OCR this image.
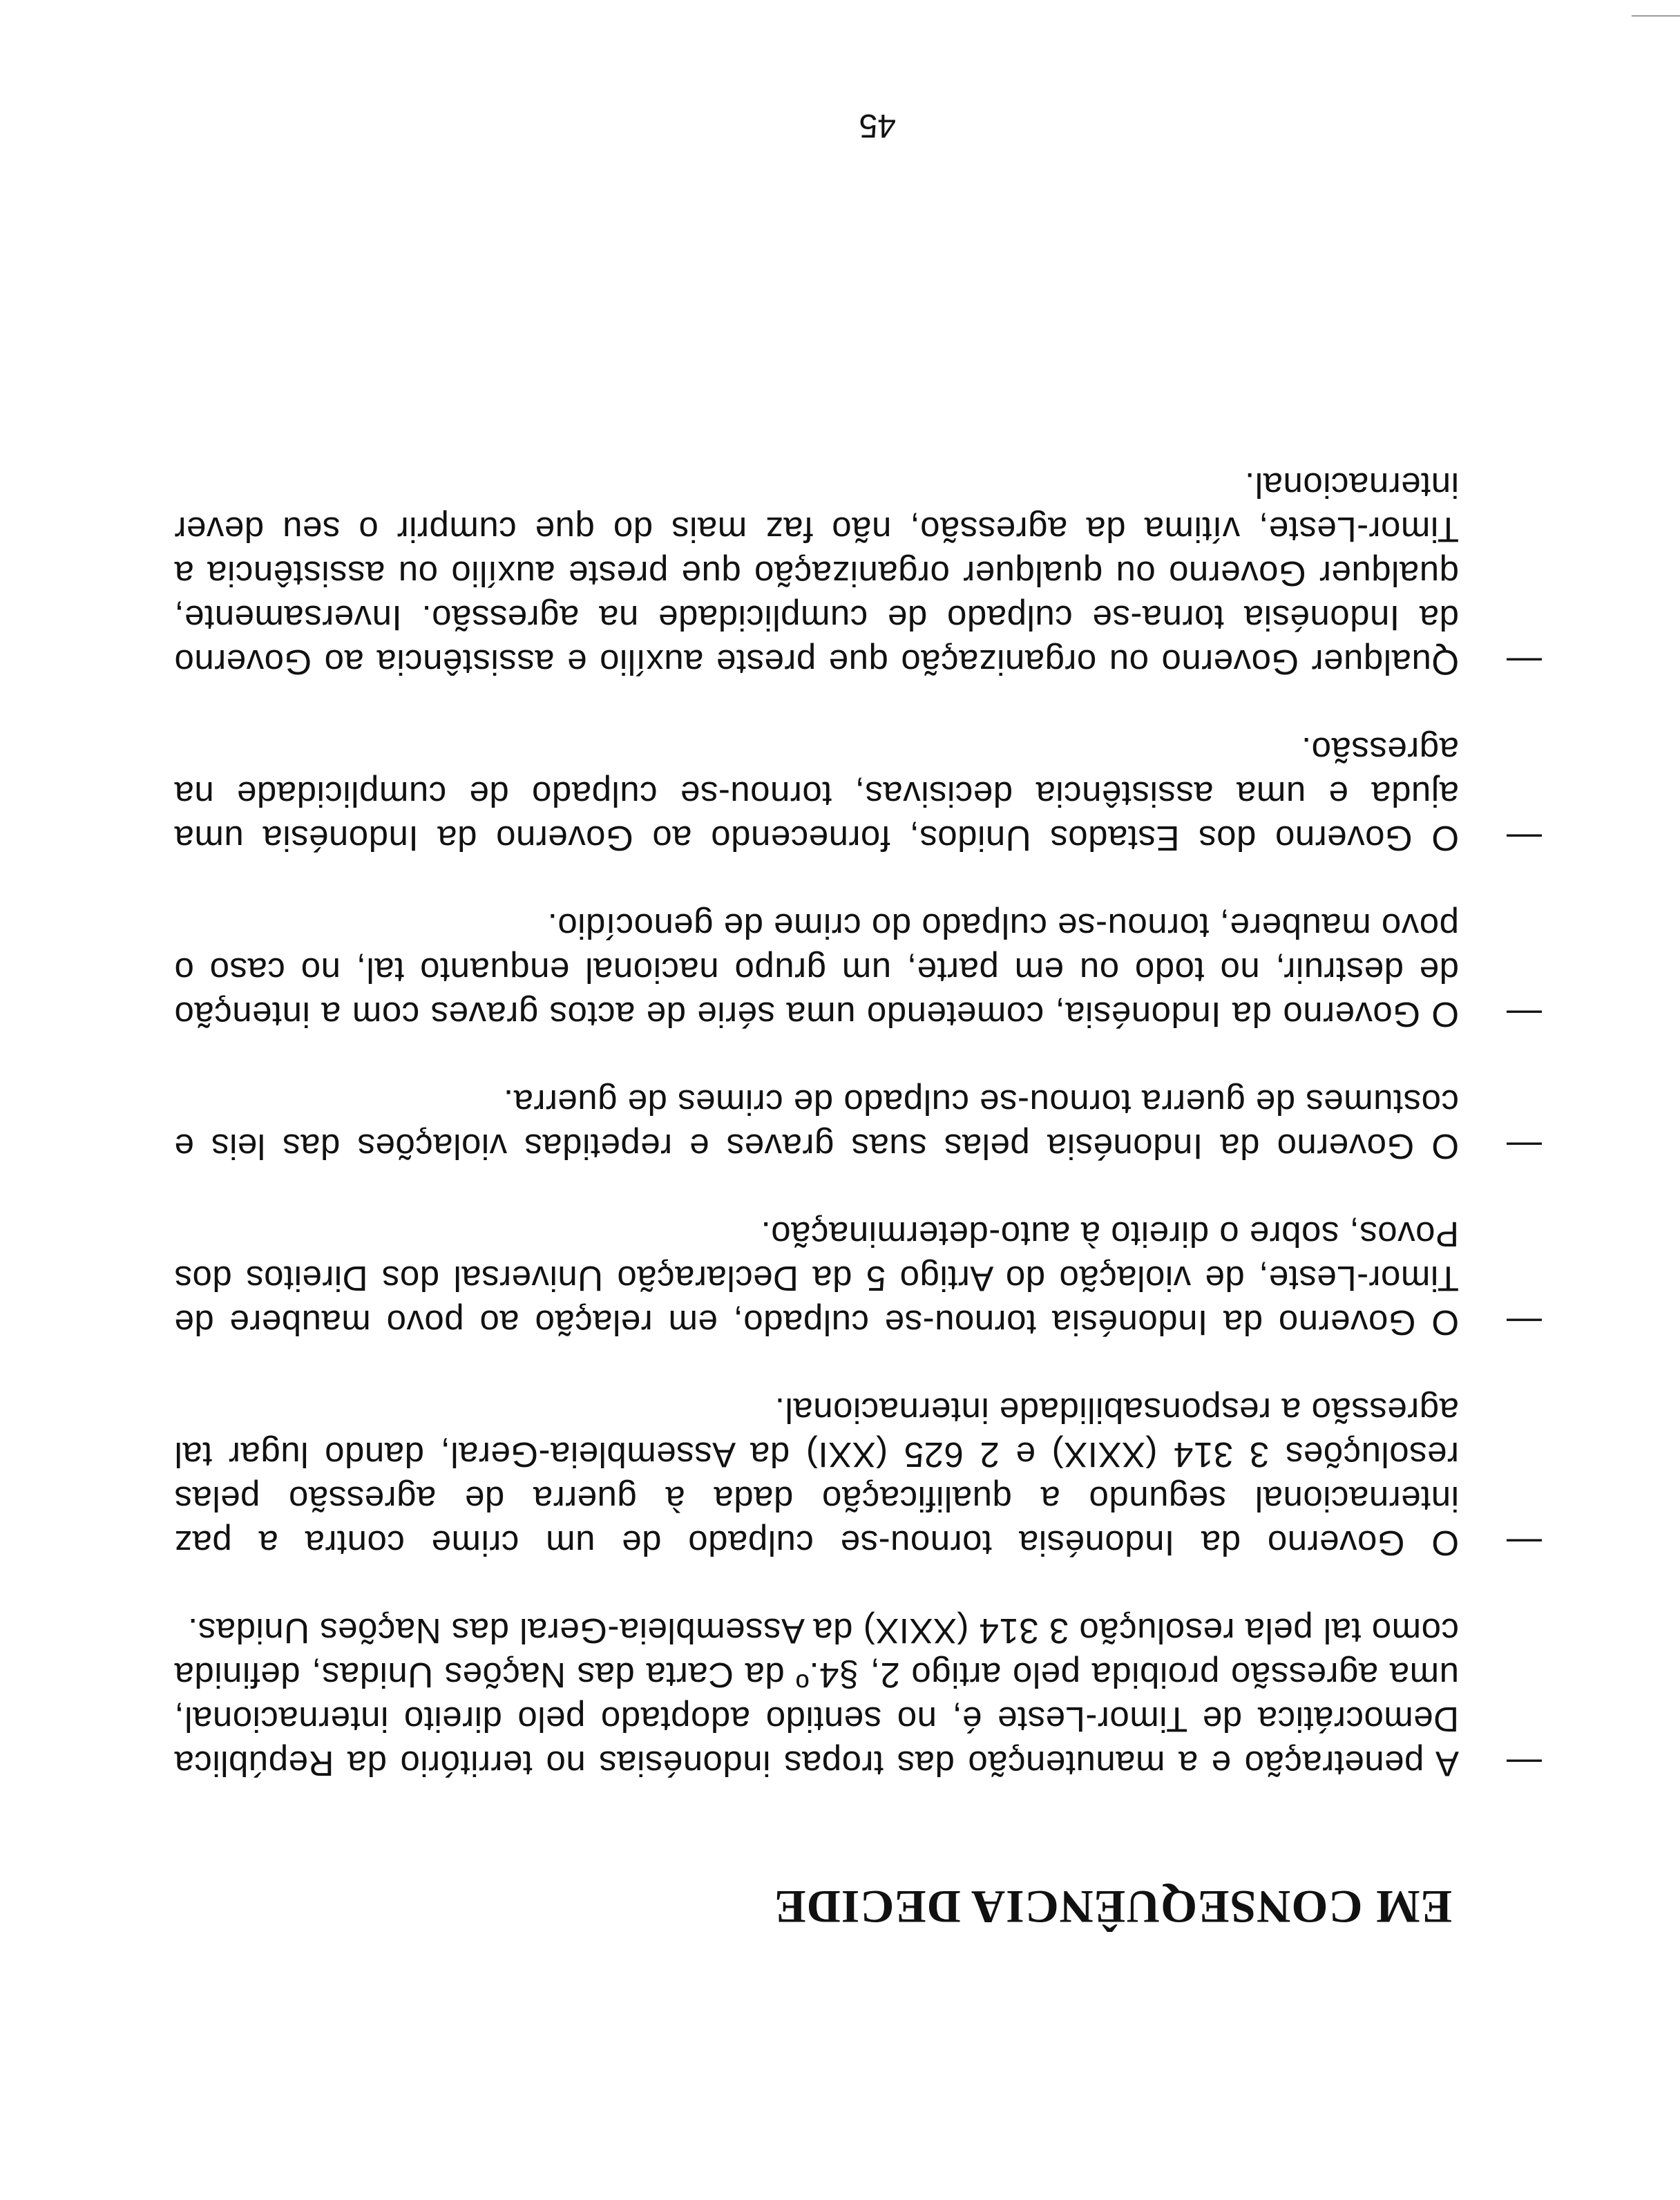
EM CONSEQUÊNCIA DECIDE
—
A penetração e a manutenção das tropas indonésias no território da República Democrática de Timor-Leste é, no sentido adoptado pelo direito internacional, uma agressão proibida pelo artigo 2, §4.º da Carta das Nações Unidas, definida como tal pela resolução 3 314 (XXIX) da Assembleia-Geral das Nações Unidas.
—
O Governo da Indonésia tornou-se culpado de um crime contra a paz internacional segundo a qualificação dada à guerra de agressão pelas resoluções 3 314 (XXIX) e 2 625 (XXI) da Assembleia-Geral, dando lugar tal agressão a responsabilidade internacional.
—
O Governo da Indonésia tornou-se culpado, em relação ao povo maubere de Timor-Leste, de violação do Artigo 5 da Declaração Universal dos Direitos dos Povos, sobre o direito à auto-determinação.
—
O Governo da Indonésia pelas suas graves e repetidas violações das leis e costumes de guerra tornou-se culpado de crimes de guerra.
—
O Governo da Indonésia, cometendo uma série de actos graves com a intenção de destruir, no todo ou em parte, um grupo nacional enquanto tal, no caso o povo maubere, tornou-se culpado do crime de genocídio.
—
O Governo dos Estados Unidos, fornecendo ao Governo da Indonésia uma ajuda e uma assistência decisivas, tornou-se culpado de cumplicidade na agressão.
—
Qualquer Governo ou organização que preste auxílio e assistência ao Governo da Indonésia torna-se culpado de cumplicidade na agressão. Inversamente, qualquer Governo ou qualquer organização que preste auxílio ou assistência a Timor-Leste, vítima da agressão, não faz mais do que cumprir o seu dever internacional.

45
